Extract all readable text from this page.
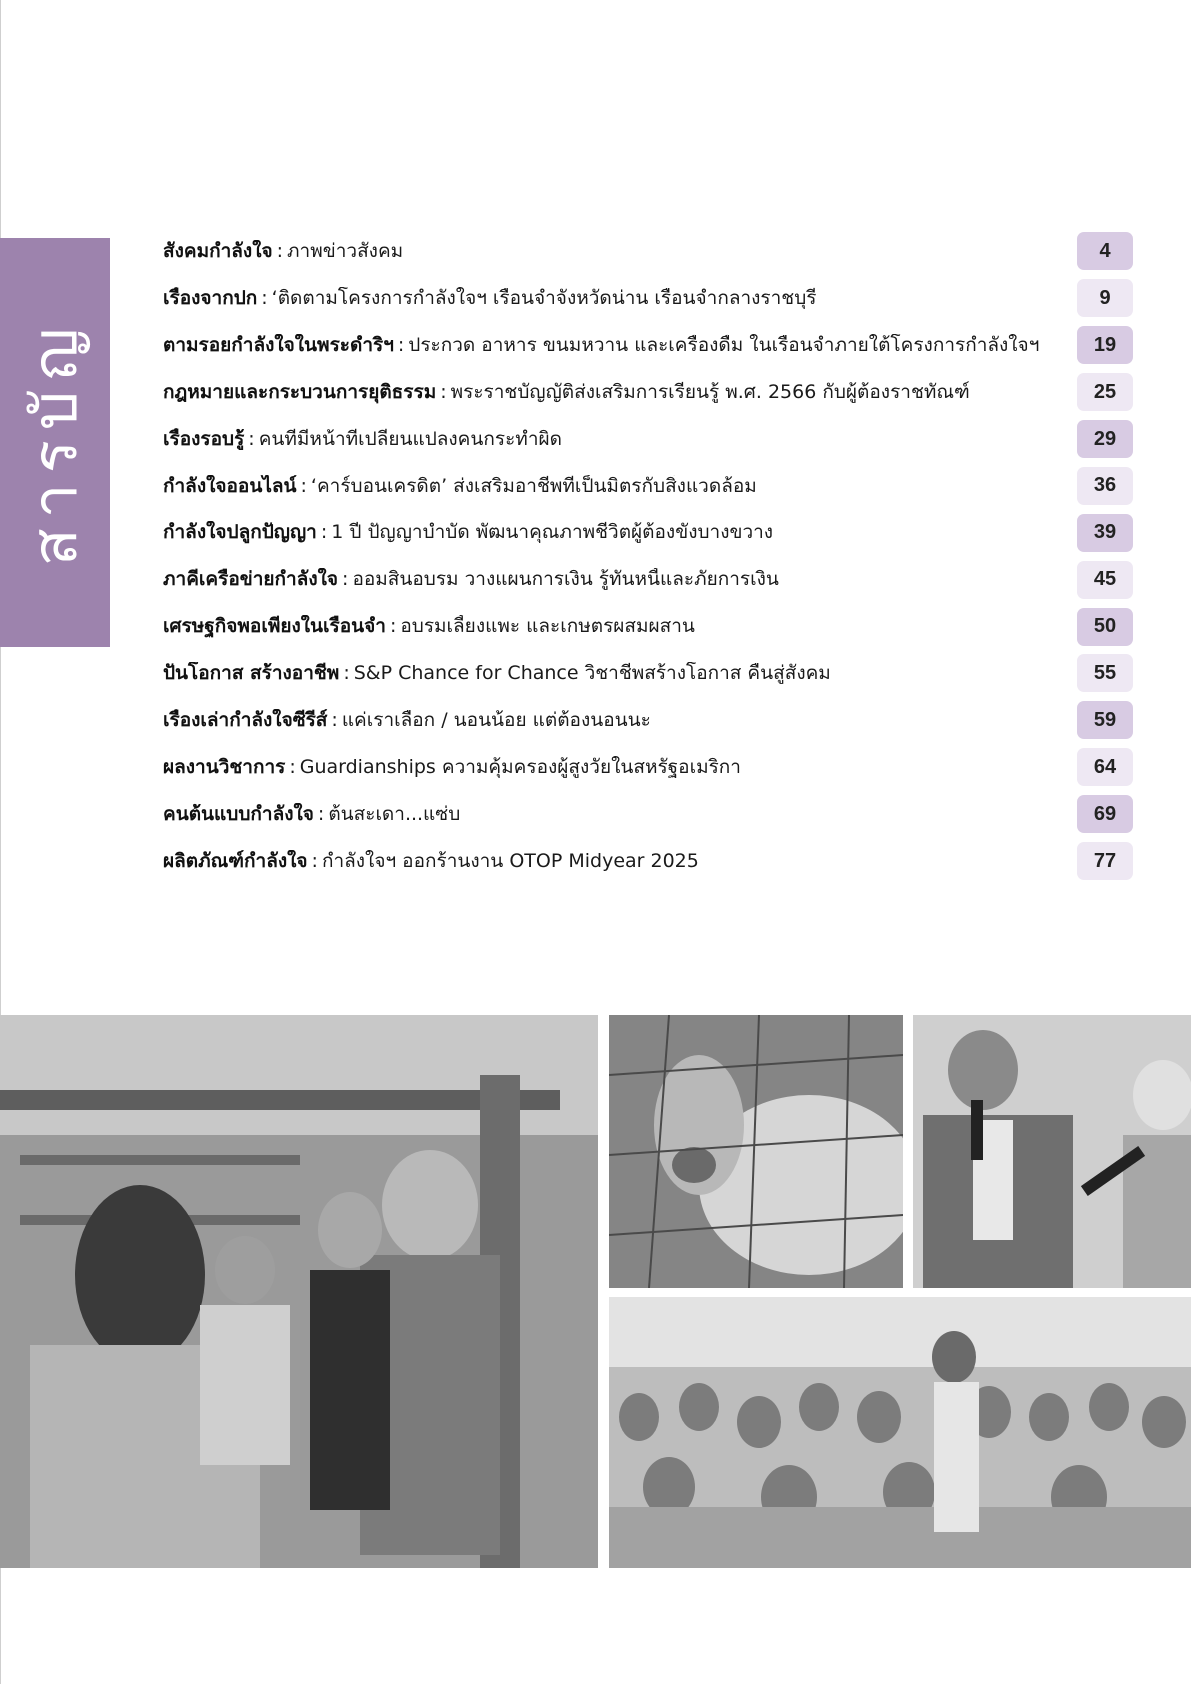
สารบัญ
สังคมกำลังใจ : ภาพข่าวสังคม	4
เรื่องจากปก : ‘ติดตามโครงการกำลังใจฯ เรือนจำจังหวัดน่าน เรือนจำกลางราชบุรี	9
ตามรอยกำลังใจในพระดำริฯ : ประกวด อาหาร ขนมหวาน และเครื่องดื่ม ในเรือนจำภายใต้โครงการกำลังใจฯ	19
กฎหมายและกระบวนการยุติธรรม : พระราชบัญญัติส่งเสริมการเรียนรู้ พ.ศ. 2566 กับผู้ต้องราชทัณฑ์	25
เรื่องรอบรู้ : คนที่มีหน้าที่เปลี่ยนแปลงคนกระทำผิด	29
กำลังใจออนไลน์ : ‘คาร์บอนเครดิต’ ส่งเสริมอาชีพที่เป็นมิตรกับสิ่งแวดล้อม	36
กำลังใจปลูกปัญญา : 1 ปี ปัญญาบำบัด พัฒนาคุณภาพชีวิตผู้ต้องขังบางขวาง	39
ภาคีเครือข่ายกำลังใจ : ออมสินอบรม วางแผนการเงิน รู้ทันหนี้และภัยการเงิน	45
เศรษฐกิจพอเพียงในเรือนจำ : อบรมเลี้ยงแพะ และเกษตรผสมผสาน	50
ปันโอกาส สร้างอาชีพ : S&P Chance for Chance วิชาชีพสร้างโอกาส คืนสู่สังคม	55
เรื่องเล่ากำลังใจซีรีส์ : แค่เราเลือก / นอนน้อย แต่ต้องนอนนะ	59
ผลงานวิชาการ : Guardianships ความคุ้มครองผู้สูงวัยในสหรัฐอเมริกา	64
คนต้นแบบกำลังใจ : ต้นสะเดา...แซ่บ	69
ผลิตภัณฑ์กำลังใจ : กำลังใจฯ ออกร้านงาน OTOP Midyear 2025	77
